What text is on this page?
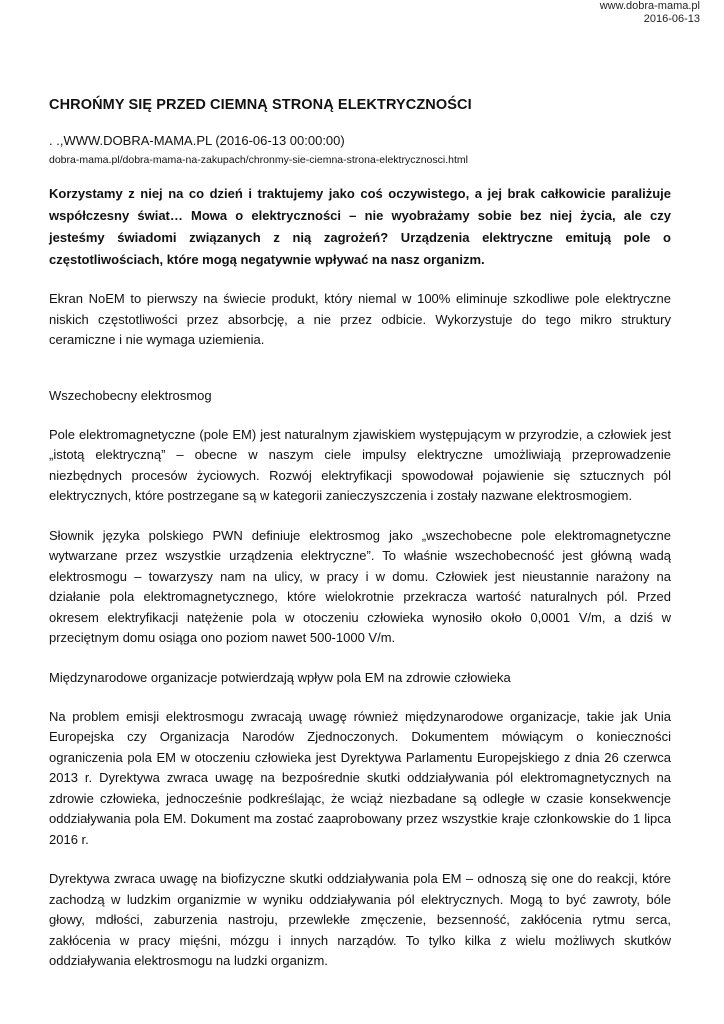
www.dobra-mama.pl
2016-06-13
CHROŃMY SIĘ PRZED CIEMNĄ STRONĄ ELEKTRYCZNOŚCI
. .,WWW.DOBRA-MAMA.PL (2016-06-13 00:00:00)
dobra-mama.pl/dobra-mama-na-zakupach/chronmy-sie-ciemna-strona-elektrycznosci.html

Korzystamy z niej na co dzień i traktujemy jako coś oczywistego, a jej brak całkowicie paraliżuje współczesny świat… Mowa o elektryczności – nie wyobrażamy sobie bez niej życia, ale czy jesteśmy świadomi związanych z nią zagrożeń? Urządzenia elektryczne emitują pole o częstotliwościach, które mogą negatywnie wpływać na nasz organizm.

Ekran NoEM to pierwszy na świecie produkt, który niemal w 100% eliminuje szkodliwe pole elektryczne niskich częstotliwości przez absorbcję, a nie przez odbicie. Wykorzystuje do tego mikro struktury ceramiczne i nie wymaga uziemienia.

Wszechobecny elektrosmog

Pole elektromagnetyczne (pole EM) jest naturalnym zjawiskiem występującym w przyrodzie, a człowiek jest „istotą elektryczną” – obecne w naszym ciele impulsy elektryczne umożliwiają przeprowadzenie niezbędnych procesów życiowych. Rozwój elektryfikacji spowodował pojawienie się sztucznych pól elektrycznych, które postrzegane są w kategorii zanieczyszczenia i zostały nazwane elektrosmogiem.

Słownik języka polskiego PWN definiuje elektrosmog jako „wszechobecne pole elektromagnetyczne wytwarzane przez wszystkie urządzenia elektryczne”. To właśnie wszechobecność jest główną wadą elektrosmogu – towarzyszy nam na ulicy, w pracy i w domu. Człowiek jest nieustannie narażony na działanie pola elektromagnetycznego, które wielokrotnie przekracza wartość naturalnych pól. Przed okresem elektryfikacji natężenie pola w otoczeniu człowieka wynosiło około 0,0001 V/m, a dziś w przeciętnym domu osiąga ono poziom nawet 500-1000 V/m.

Międzynarodowe organizacje potwierdzają wpływ pola EM na zdrowie człowieka

Na problem emisji elektrosmogu zwracają uwagę również międzynarodowe organizacje, takie jak Unia Europejska czy Organizacja Narodów Zjednoczonych. Dokumentem mówiącym o konieczności ograniczenia pola EM w otoczeniu człowieka jest Dyrektywa Parlamentu Europejskiego z dnia 26 czerwca 2013 r. Dyrektywa zwraca uwagę na bezpośrednie skutki oddziaływania pól elektromagnetycznych na zdrowie człowieka, jednocześnie podkreślając, że wciąż niezbadane są odległe w czasie konsekwencje oddziaływania pola EM. Dokument ma zostać zaaprobowany przez wszystkie kraje członkowskie do 1 lipca 2016 r.

Dyrektywa zwraca uwagę na biofizyczne skutki oddziaływania pola EM – odnoszą się one do reakcji, które zachodzą w ludzkim organizmie w wyniku oddziaływania pól elektrycznych. Mogą to być zawroty, bóle głowy, mdłości, zaburzenia nastroju, przewlekłe zmęczenie, bezsenność, zakłócenia rytmu serca, zakłócenia w pracy mięśni, mózgu i innych narządów. To tylko kilka z wielu możliwych skutków oddziaływania elektrosmogu na ludzki organizm.
